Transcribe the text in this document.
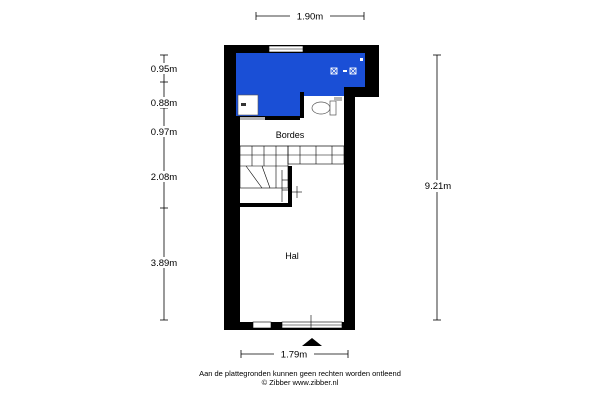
1.90m
1.79m
9.21m
0.95m
0.88m
0.97m
2.08m
3.89m
Bordes
Hal
Aan de plattegronden kunnen geen rechten worden ontleend
© Zibber www.zibber.nl
